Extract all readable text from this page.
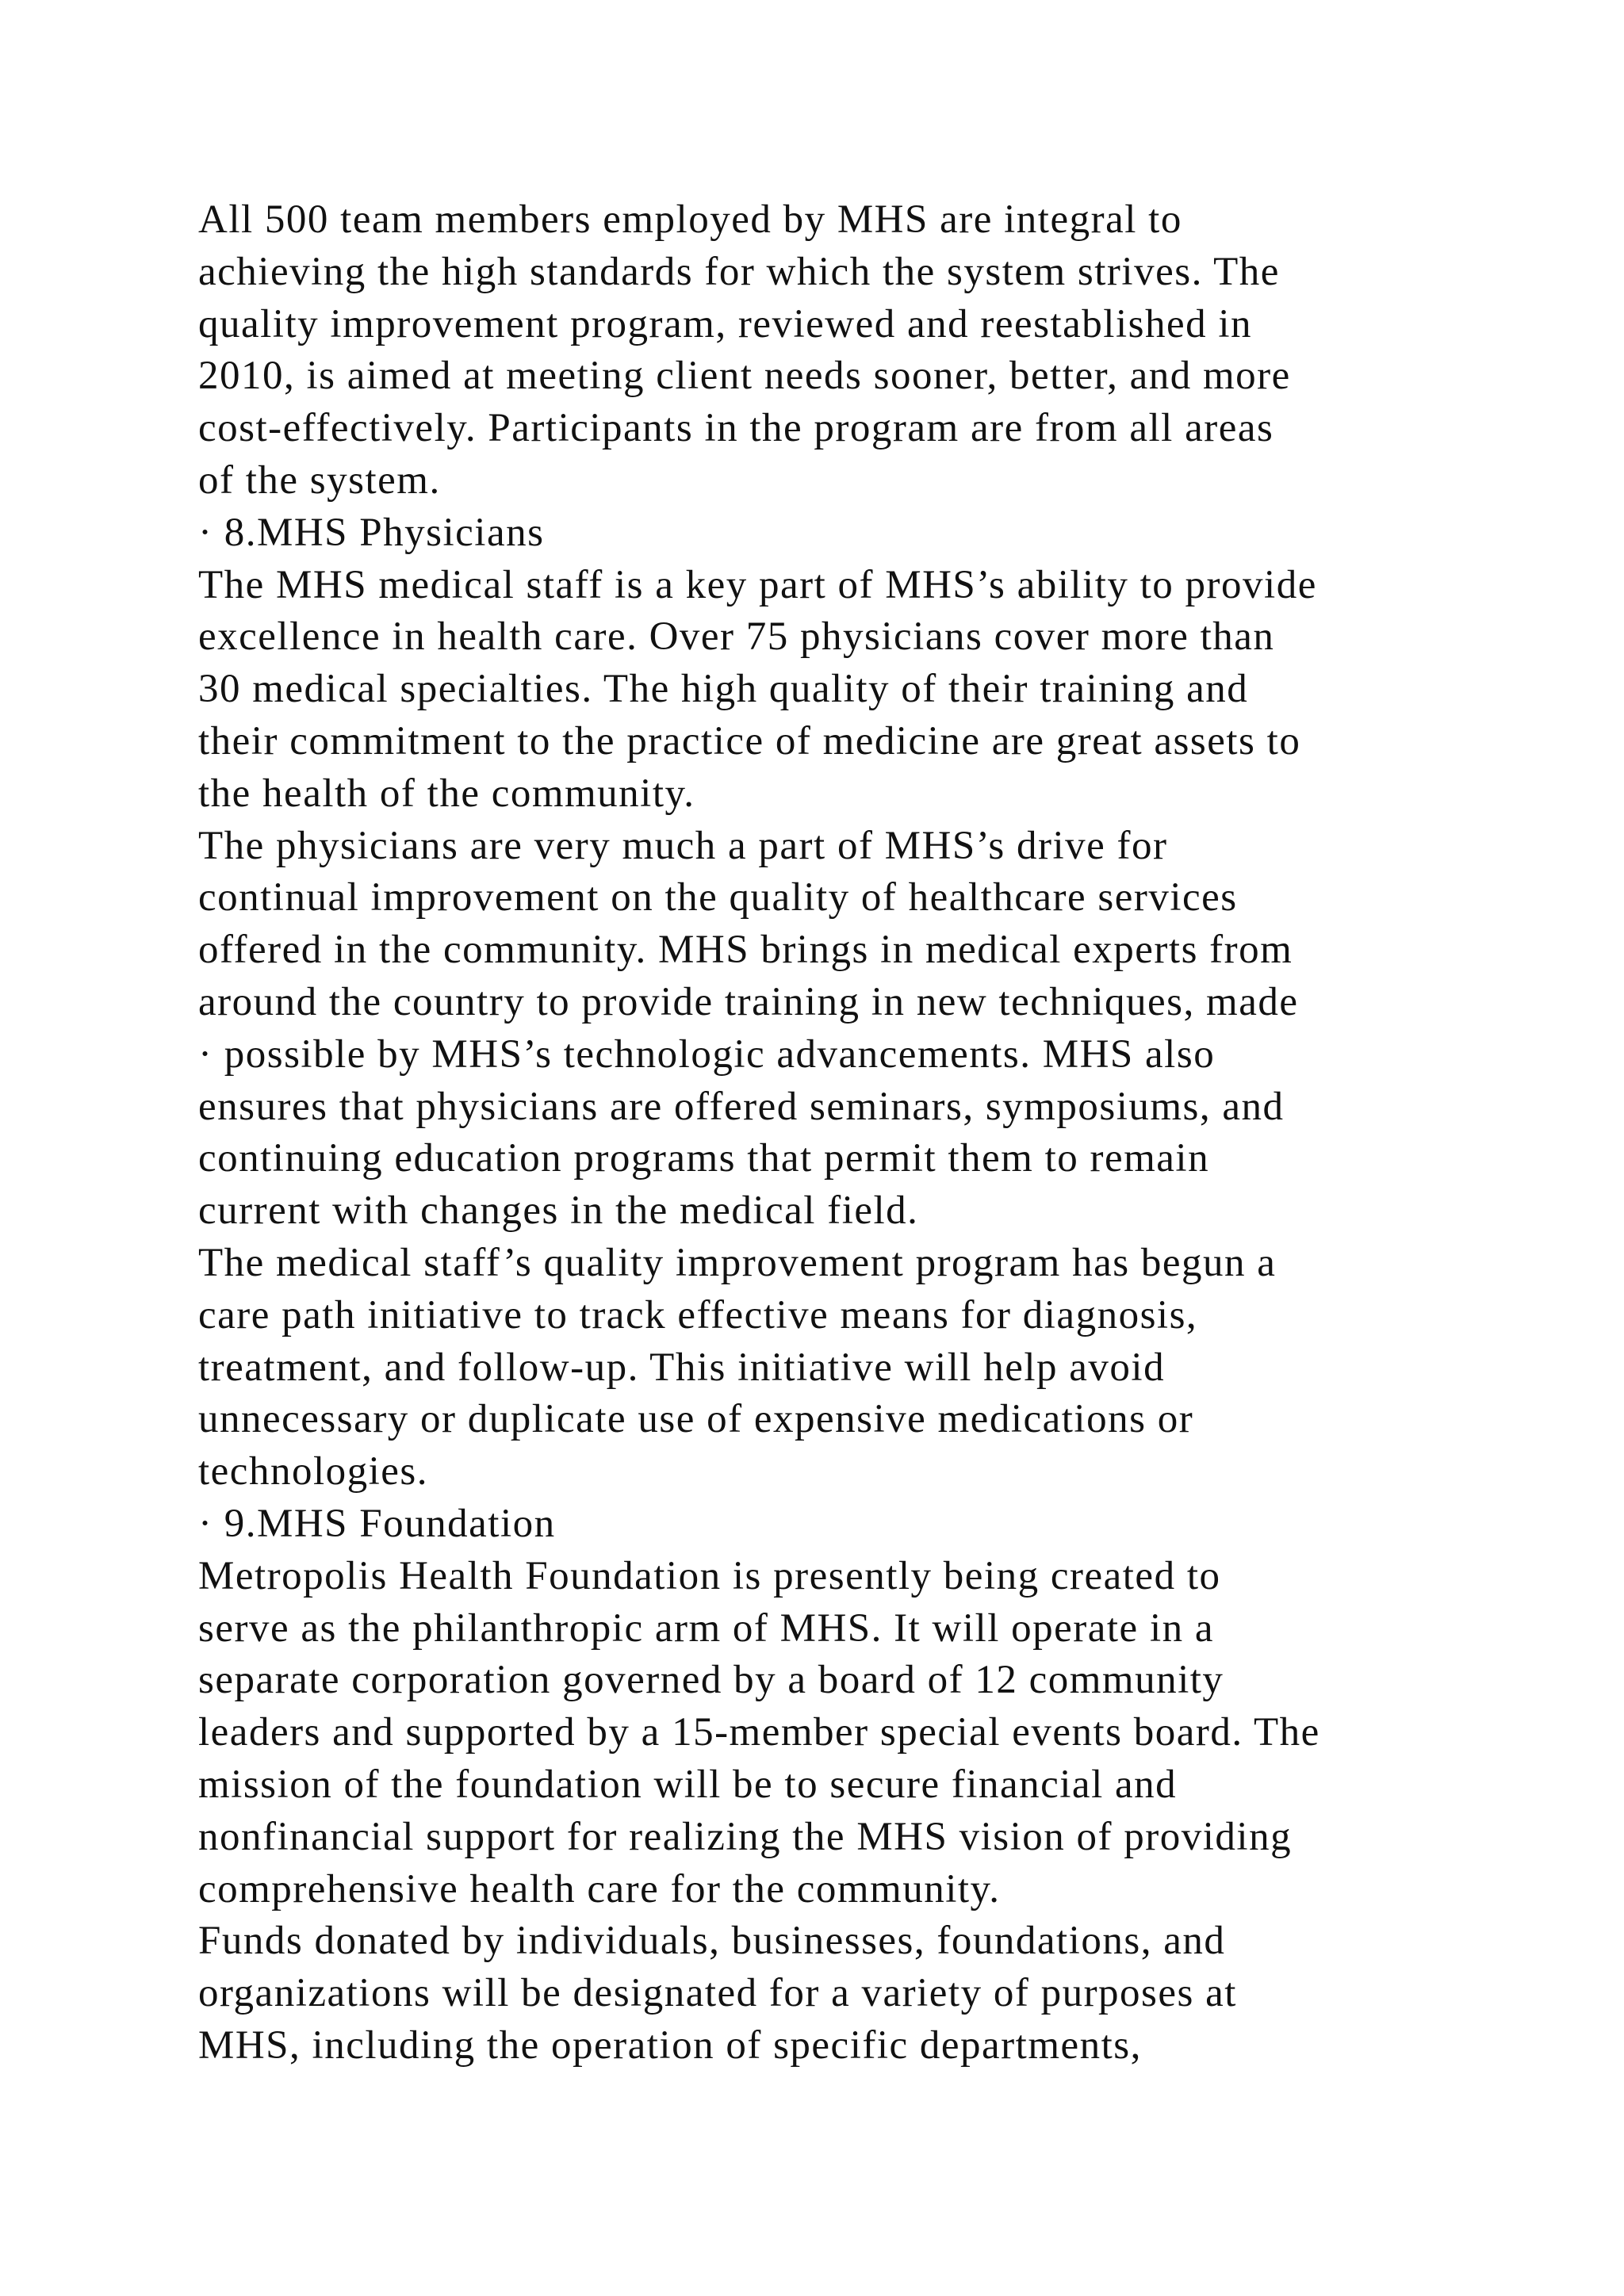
All 500 team members employed by MHS are integral to
achieving the high standards for which the system strives. The
quality improvement program, reviewed and reestablished in
2010, is aimed at meeting client needs sooner, better, and more
cost-effectively. Participants in the program are from all areas
of the system.
· 8.MHS Physicians
The MHS medical staff is a key part of MHS’s ability to provide
excellence in health care. Over 75 physicians cover more than
30 medical specialties. The high quality of their training and
their commitment to the practice of medicine are great assets to
the health of the community.
The physicians are very much a part of MHS’s drive for
continual improvement on the quality of healthcare services
offered in the community. MHS brings in medical experts from
around the country to provide training in new techniques, made
· possible by MHS’s technologic advancements. MHS also
ensures that physicians are offered seminars, symposiums, and
continuing education programs that permit them to remain
current with changes in the medical field.
The medical staff’s quality improvement program has begun a
care path initiative to track effective means for diagnosis,
treatment, and follow-up. This initiative will help avoid
unnecessary or duplicate use of expensive medications or
technologies.
· 9.MHS Foundation
Metropolis Health Foundation is presently being created to
serve as the philanthropic arm of MHS. It will operate in a
separate corporation governed by a board of 12 community
leaders and supported by a 15-member special events board. The
mission of the foundation will be to secure financial and
nonfinancial support for realizing the MHS vision of providing
comprehensive health care for the community.
Funds donated by individuals, businesses, foundations, and
organizations will be designated for a variety of purposes at
MHS, including the operation of specific departments,
